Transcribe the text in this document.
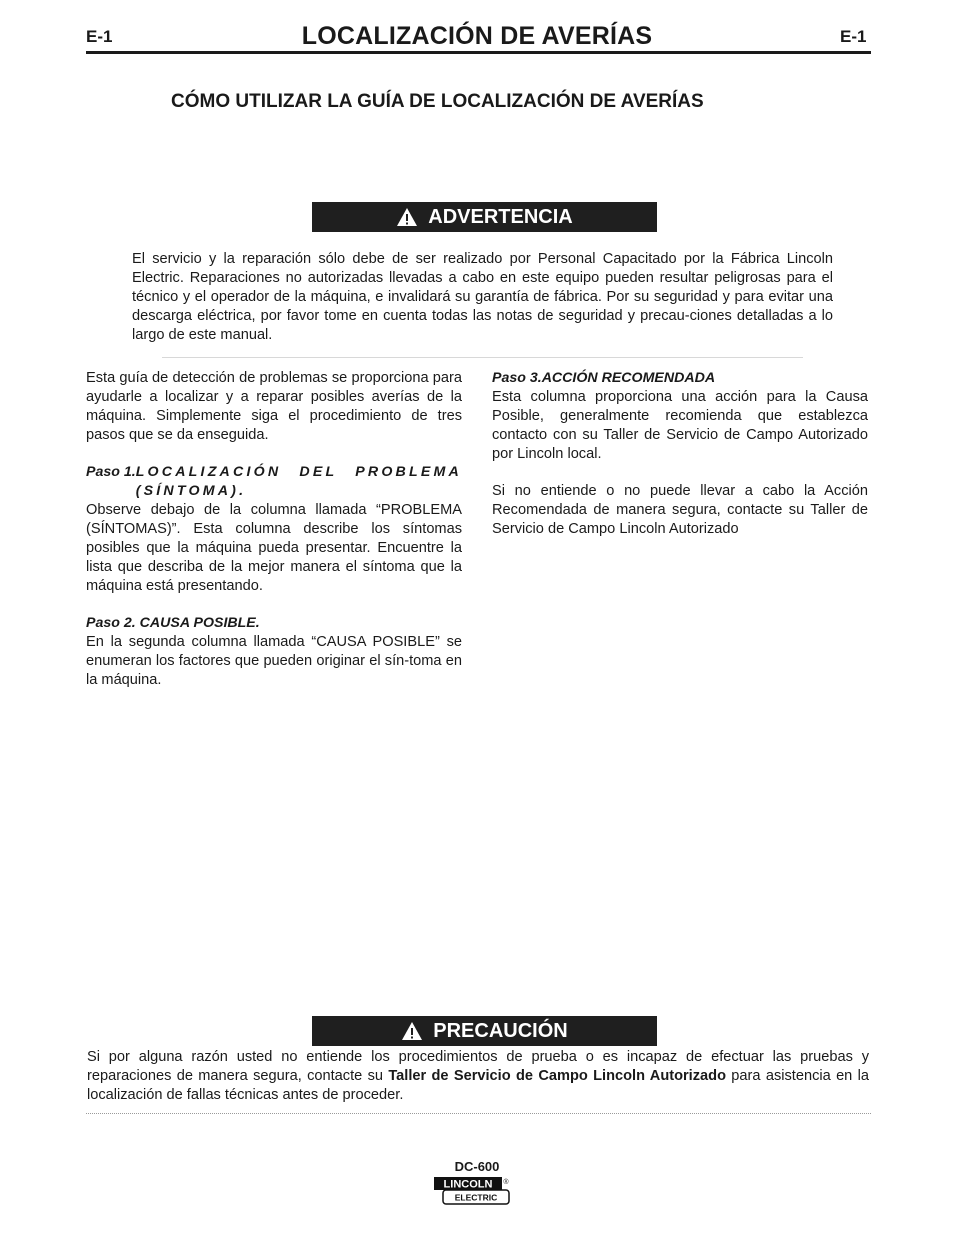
E-1	LOCALIZACIÓN DE AVERÍAS	E-1
CÓMO UTILIZAR LA GUÍA DE LOCALIZACIÓN DE AVERÍAS
ADVERTENCIA

El servicio y la reparación sólo debe de ser realizado por Personal Capacitado por la Fábrica Lincoln Electric. Reparaciones no autorizadas llevadas a cabo en este equipo pueden resultar peligrosas para el técnico y el operador de la máquina, e invalidará su garantía de fábrica. Por su seguridad y para evitar una descarga eléctrica, por favor tome en cuenta todas las notas de seguridad y precau-ciones detalladas a lo largo de este manual.

Esta guía de detección de problemas se proporciona para ayudarle a localizar y a reparar posibles averías de la máquina. Simplemente siga el procedimiento de tres pasos que se da enseguida.

Paso 1. LOCALIZACIÓN DEL PROBLEMA (SÍNTOMA).

Observe debajo de la columna llamada “PROBLEMA (SÍNTOMAS)”. Esta columna describe los síntomas posibles que la máquina pueda presentar. Encuentre la lista que describa de la mejor manera el síntoma que la máquina está presentando.

Paso 2. CAUSA POSIBLE.

En la segunda columna llamada “CAUSA POSIBLE” se enumeran los factores que pueden originar el sín-toma en la máquina.

Paso 3.ACCIÓN RECOMENDADA

Esta columna proporciona una acción para la Causa Posible, generalmente recomienda que establezca contacto con su Taller de Servicio de Campo Autorizado por Lincoln local.

Si no entiende o no puede llevar a cabo la Acción Recomendada de manera segura, contacte su Taller de Servicio de Campo Lincoln Autorizado

PRECAUCIÓN

Si por alguna razón usted no entiende los procedimientos de prueba o es incapaz de efectuar las pruebas y reparaciones de manera segura, contacte su Taller de Servicio de Campo Lincoln Autorizado para asistencia en la localización de fallas técnicas antes de proceder.

DC-600
LINCOLN ®
ELECTRIC
